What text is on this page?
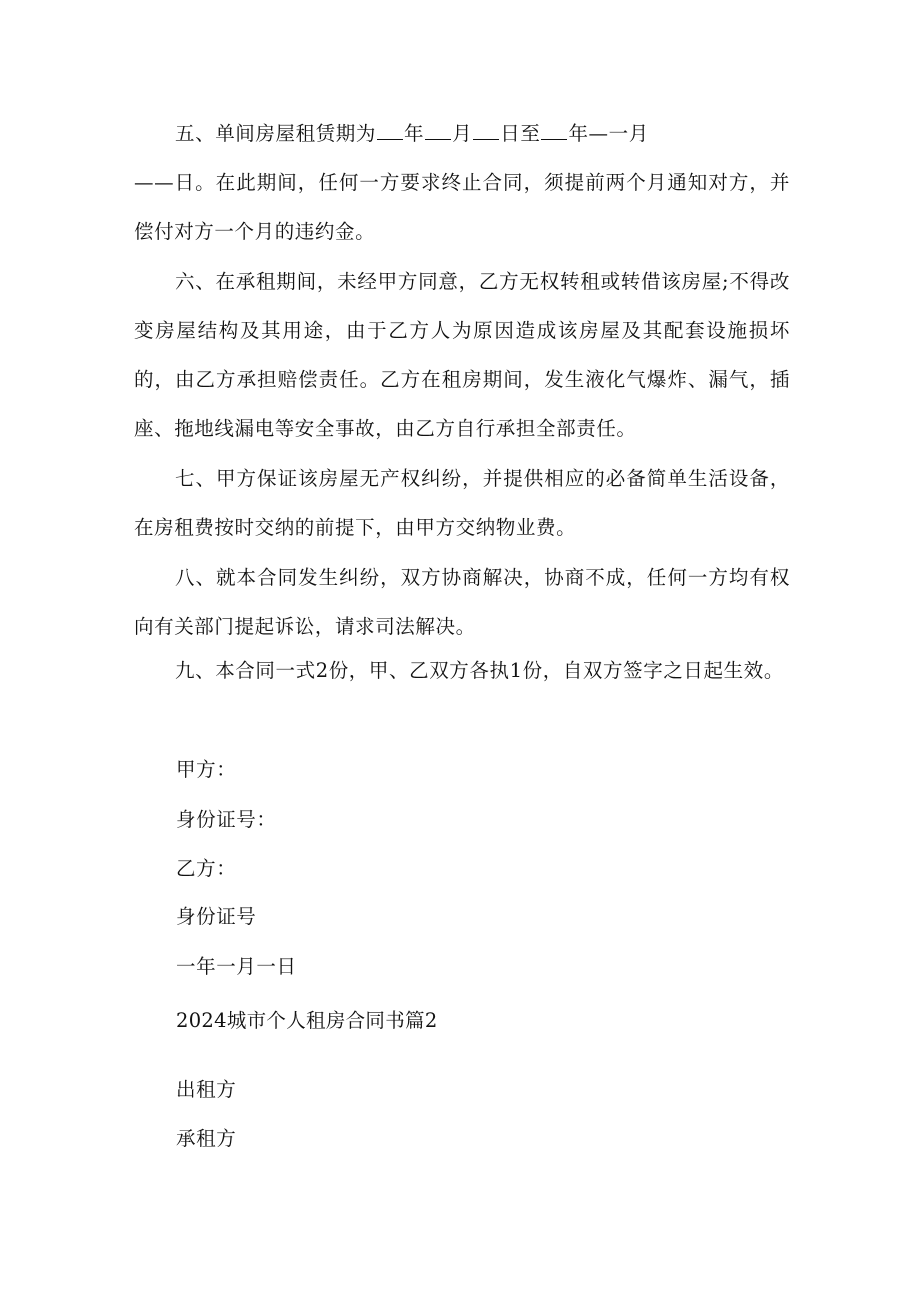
五、单间房屋租赁期为 年 月 日至 年—一月
——日。在此期间，任何一方要求终止合同，须提前两个月通知对方，并偿付对方一个月的违约金。
六、在承租期间，未经甲方同意，乙方无权转租或转借该房屋;不得改变房屋结构及其用途，由于乙方人为原因造成该房屋及其配套设施损坏的，由乙方承担赔偿责任。乙方在租房期间，发生液化气爆炸、漏气，插座、拖地线漏电等安全事故，由乙方自行承担全部责任。
七、甲方保证该房屋无产权纠纷，并提供相应的必备简单生活设备，在房租费按时交纳的前提下，由甲方交纳物业费。
八、就本合同发生纠纷，双方协商解决，协商不成，任何一方均有权向有关部门提起诉讼，请求司法解决。
九、本合同一式2份，甲、乙双方各执1份，自双方签字之日起生效。
甲方：
身份证号：
乙方：
身份证号
一年一月一日
2024城市个人租房合同书篇2
出租方
承租方
